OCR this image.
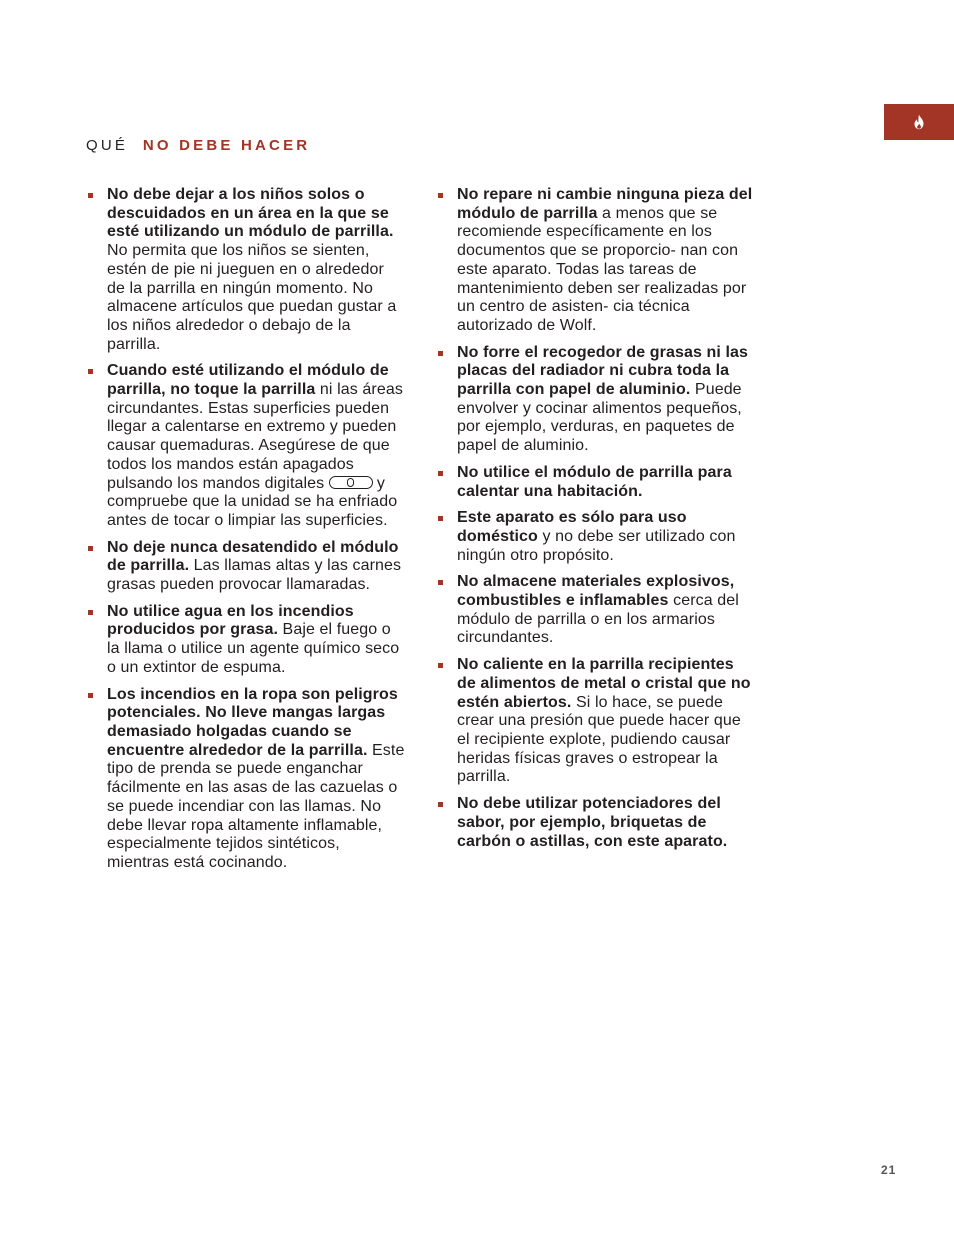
QUÉ NO DEBE HACER
No debe dejar a los niños solos o descuidados en un área en la que se esté utilizando un módulo de parrilla. No permita que los niños se sienten, estén de pie ni jueguen en o alrededor de la parrilla en ningún momento. No almacene artículos que puedan gustar a los niños alrededor o debajo de la parrilla.
Cuando esté utilizando el módulo de parrilla, no toque la parrilla ni las áreas circundantes. Estas superficies pueden llegar a calentarse en extremo y pueden causar quemaduras. Asegúrese de que todos los mandos están apagados pulsando los mandos digitales	y compruebe que la unidad se ha enfriado antes de tocar o limpiar las superficies.
No deje nunca desatendido el módulo de parrilla. Las llamas altas y las carnes grasas pueden provocar llamaradas.
No utilice agua en los incendios producidos por grasa. Baje el fuego o la llama o utilice un agente químico seco o un extintor de espuma.
Los incendios en la ropa son peligros potenciales. No lleve mangas largas demasiado holgadas cuando se encuentre alrededor de la parrilla. Este tipo de prenda se puede enganchar fácilmente en las asas de las cazuelas o se puede incendiar con las llamas. No debe llevar ropa altamente inflamable, especialmente tejidos sintéticos, mientras está cocinando.
No repare ni cambie ninguna pieza del módulo de parrilla a menos que se recomiende específicamente en los documentos que se proporcio- nan con este aparato. Todas las tareas de mantenimiento deben ser realizadas por un centro de asisten- cia técnica autorizado de Wolf.
No forre el recogedor de grasas ni las placas del radiador ni cubra toda la parrilla con papel de aluminio. Puede envolver y cocinar alimentos pequeños, por ejemplo, verduras, en paquetes de papel de aluminio.
No utilice el módulo de parrilla para calentar una habitación.
Este aparato es sólo para uso doméstico y no debe ser utilizado con ningún otro propósito.
No almacene materiales explosivos, combustibles e inflamables cerca del módulo de parrilla o en los armarios circundantes.
No caliente en la parrilla recipientes de alimentos de metal o cristal que no estén abiertos. Si lo hace, se puede crear una presión que puede hacer que el recipiente explote, pudiendo causar heridas físicas graves o estropear la parrilla.
No debe utilizar potenciadores del sabor, por ejemplo, briquetas de carbón o astillas, con este aparato.
21
